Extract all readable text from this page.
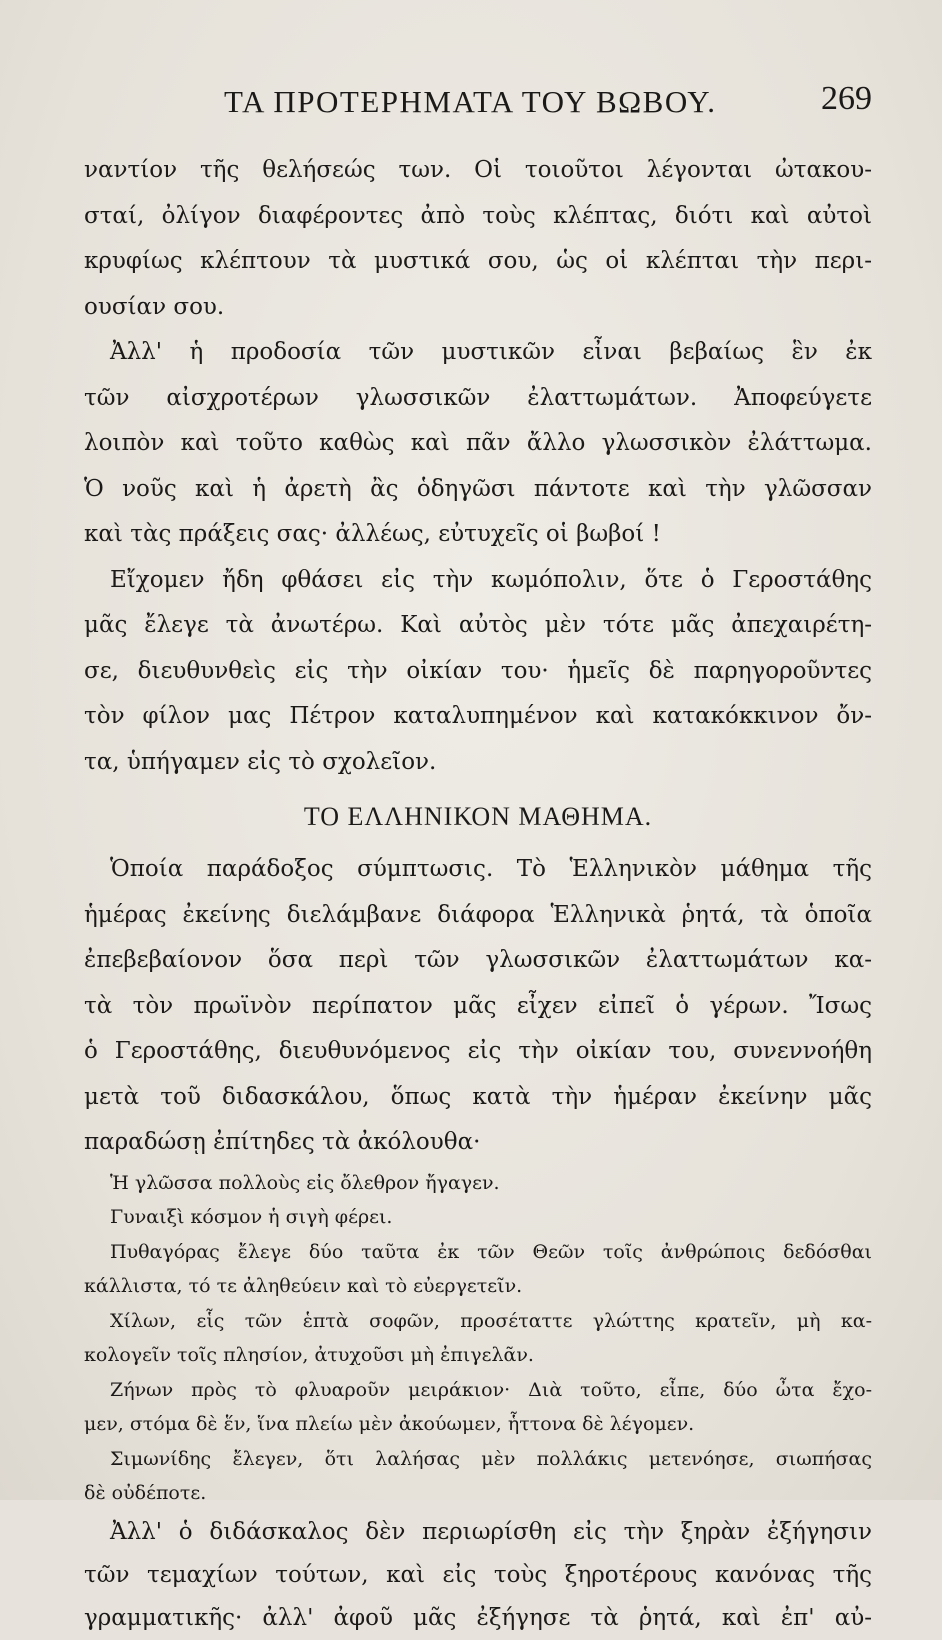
ΤΑ ΠΡΟΤΕΡΗΜΑΤΑ ΤΟΥ ΒΩΒΟΥ.	269
ναντίον τῆς θελήσεώς των. Οἱ τοιοῦτοι λέγονται ὠτακου-
σταί, ὀλίγον διαφέροντες ἀπὸ τοὺς κλέπτας, διότι καὶ αὐτοὶ
κρυφίως κλέπτουν τὰ μυστικά σου, ὡς οἱ κλέπται τὴν περι-
ουσίαν σου.
Ἀλλ' ἡ προδοσία τῶν μυστικῶν εἶναι βεβαίως ἓν ἐκ
τῶν αἰσχροτέρων γλωσσικῶν ἐλαττωμάτων. Ἀποφεύγετε
λοιπὸν καὶ τοῦτο καθὼς καὶ πᾶν ἄλλο γλωσσικὸν ἐλάττωμα.
Ὁ νοῦς καὶ ἡ ἀρετὴ ἂς ὁδηγῶσι πάντοτε καὶ τὴν γλῶσσαν
καὶ τὰς πράξεις σας· ἀλλέως, εὐτυχεῖς οἱ βωβοί !
Εἴχομεν ἤδη φθάσει εἰς τὴν κωμόπολιν, ὅτε ὁ Γεροστάθης
μᾶς ἔλεγε τὰ ἀνωτέρω. Καὶ αὐτὸς μὲν τότε μᾶς ἀπεχαιρέτη-
σε, διευθυνθεὶς εἰς τὴν οἰκίαν του· ἡμεῖς δὲ παρηγοροῦντες
τὸν φίλον μας Πέτρον καταλυπημένον καὶ κατακόκκινον ὄν-
τα, ὑπήγαμεν εἰς τὸ σχολεῖον.
ΤΟ ΕΛΛΗΝΙΚΟΝ ΜΑΘΗΜΑ.
Ὁποία παράδοξος σύμπτωσις. Τὸ Ἑλληνικὸν μάθημα τῆς
ἡμέρας ἐκείνης διελάμβανε διάφορα Ἑλληνικὰ ῥητά, τὰ ὁποῖα
ἐπεβεβαίονον ὅσα περὶ τῶν γλωσσικῶν ἐλαττωμάτων κα-
τὰ τὸν πρωϊνὸν περίπατον μᾶς εἶχεν εἰπεῖ ὁ γέρων. Ἴσως
ὁ Γεροστάθης, διευθυνόμενος εἰς τὴν οἰκίαν του, συνεννοήθη
μετὰ τοῦ διδασκάλου, ὅπως κατὰ τὴν ἡμέραν ἐκείνην μᾶς
παραδώσῃ ἐπίτηδες τὰ ἀκόλουθα·
Ἡ γλῶσσα πολλοὺς εἰς ὄλεθρον ἤγαγεν.
Γυναιξὶ κόσμον ἡ σιγὴ φέρει.
Πυθαγόρας ἔλεγε δύο ταῦτα ἐκ τῶν Θεῶν τοῖς ἀνθρώποις δεδόσθαι
κάλλιστα, τό τε ἀληθεύειν καὶ τὸ εὐεργετεῖν.
Χίλων, εἷς τῶν ἑπτὰ σοφῶν, προσέταττε γλώττης κρατεῖν, μὴ κα-
κολογεῖν τοῖς πλησίον, ἀτυχοῦσι μὴ ἐπιγελᾶν.
Ζήνων πρὸς τὸ φλυαροῦν μειράκιον· Διὰ τοῦτο, εἶπε, δύο ὦτα ἔχο-
μεν, στόμα δὲ ἕν, ἵνα πλείω μὲν ἀκούωμεν, ἧττονα δὲ λέγομεν.
Σιμωνίδης ἔλεγεν, ὅτι λαλήσας μὲν πολλάκις μετενόησε, σιωπήσας
δὲ οὐδέποτε.
Ἀλλ' ὁ διδάσκαλος δὲν περιωρίσθη εἰς τὴν ξηρὰν ἐξήγησιν
τῶν τεμαχίων τούτων, καὶ εἰς τοὺς ξηροτέρους κανόνας τῆς
γραμματικῆς· ἀλλ' ἀφοῦ μᾶς ἐξήγησε τὰ ῥητά, καὶ ἐπ' αὐ-
